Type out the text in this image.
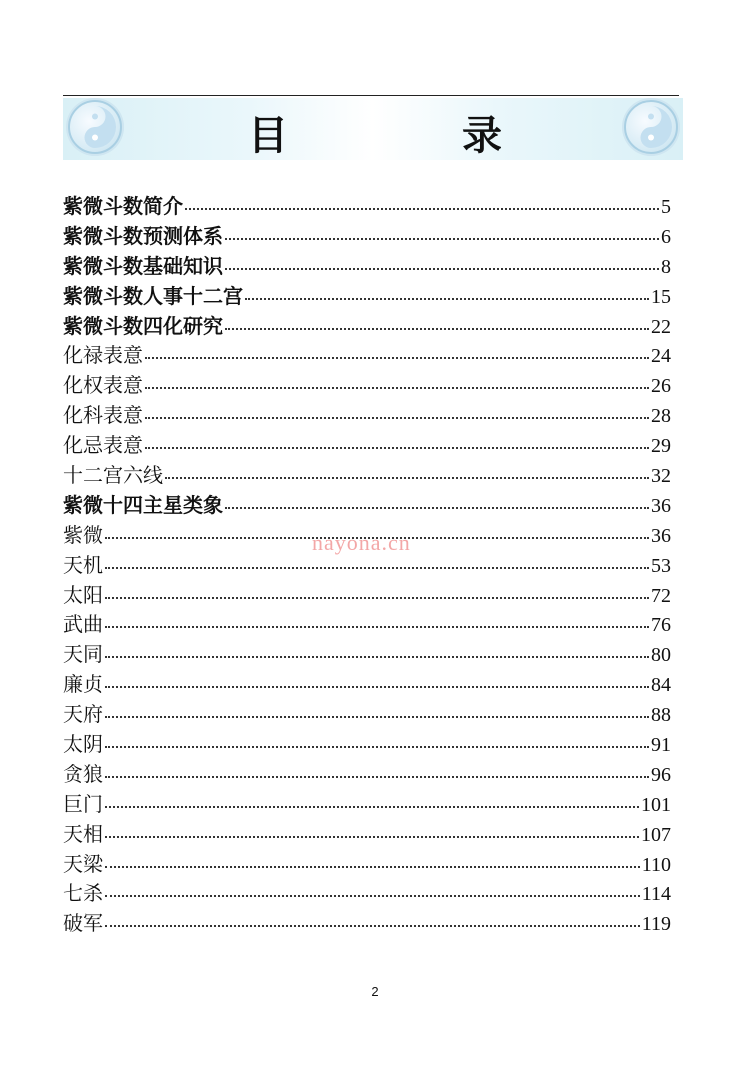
目 录
紫微斗数简介	5
紫微斗数预测体系	6
紫微斗数基础知识	8
紫微斗数人事十二宫	15
紫微斗数四化研究	22
化禄表意	24
化权表意	26
化科表意	28
化忌表意	29
十二宫六线	32
紫微十四主星类象	36
紫微	36
天机	53
太阳	72
武曲	76
天同	80
廉贞	84
天府	88
太阴	91
贪狼	96
巨门	101
天相	107
天梁	110
七杀	114
破军	119
nayona.cn
2
